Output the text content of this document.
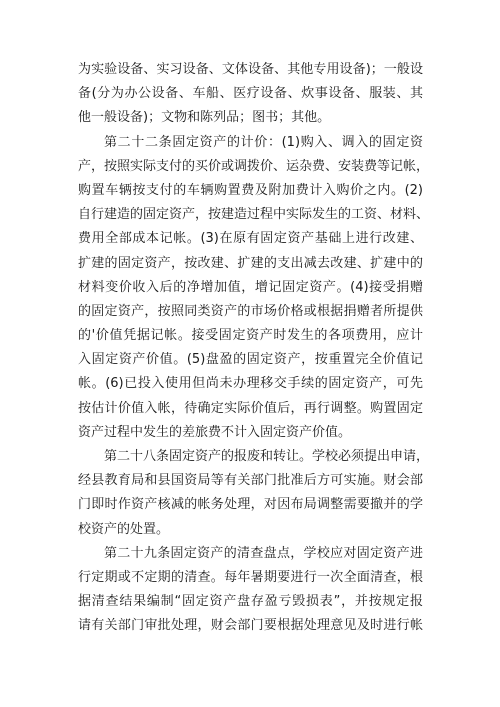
为实验设备、实习设备、文体设备、其他专用设备)；一般设
备(分为办公设备、车船、医疗设备、炊事设备、服装、其
他一般设备)；文物和陈列品；图书；其他。
第二十二条固定资产的计价：(1)购入、调入的固定资
产，按照实际支付的买价或调拨价、运杂费、安装费等记帐，
购置车辆按支付的车辆购置费及附加费计入购价之内。(2)
自行建造的固定资产，按建造过程中实际发生的工资、材料、
费用全部成本记帐。(3)在原有固定资产基础上进行改建、
扩建的固定资产，按改建、扩建的支出减去改建、扩建中的
材料变价收入后的净增加值，增记固定资产。(4)接受捐赠
的固定资产，按照同类资产的市场价格或根据捐赠者所提供
的'价值凭据记帐。接受固定资产时发生的各项费用，应计
入固定资产价值。(5)盘盈的固定资产，按重置完全价值记
帐。(6)已投入使用但尚未办理移交手续的固定资产，可先
按估计价值入帐，待确定实际价值后，再行调整。购置固定
资产过程中发生的差旅费不计入固定资产价值。
第二十八条固定资产的报废和转让。学校必须提出申请，
经县教育局和县国资局等有关部门批准后方可实施。财会部
门即时作资产核减的帐务处理，对因布局调整需要撤并的学
校资产的处置。
第二十九条固定资产的清查盘点，学校应对固定资产进
行定期或不定期的清查。每年暑期要进行一次全面清查，根
据清查结果编制“固定资产盘存盈亏毁损表”，并按规定报
请有关部门审批处理，财会部门要根据处理意见及时进行帐
